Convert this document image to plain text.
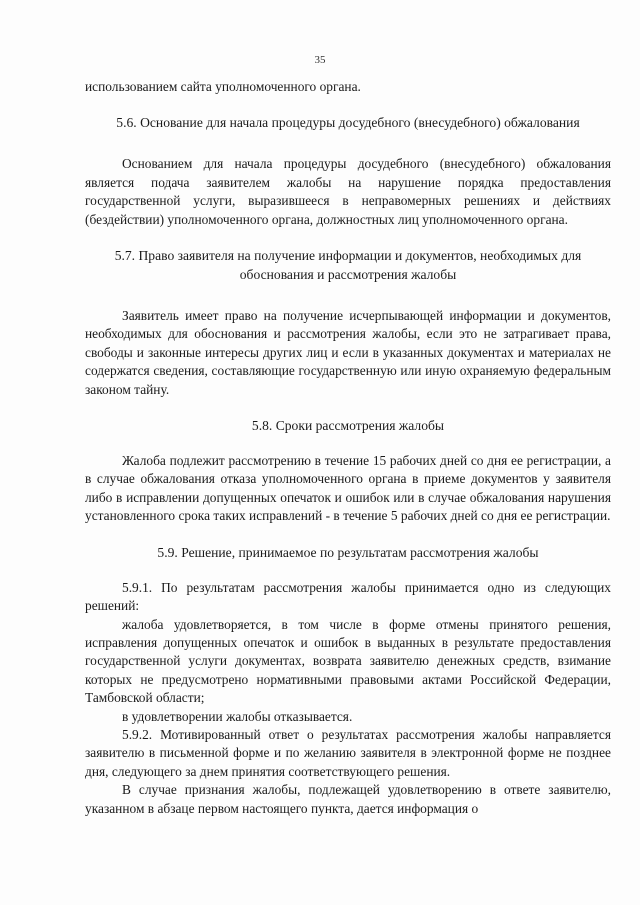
35

использованием сайта уполномоченного органа.

5.6. Основание для начала процедуры досудебного (внесудебного) обжалования

Основанием для начала процедуры досудебного (внесудебного) обжалования является подача заявителем жалобы на нарушение порядка предоставления государственной услуги, выразившееся в неправомерных решениях и действиях (бездействии) уполномоченного органа, должностных лиц уполномоченного органа.

5.7. Право заявителя на получение информации и документов, необходимых для обоснования и рассмотрения жалобы

Заявитель имеет право на получение исчерпывающей информации и документов, необходимых для обоснования и рассмотрения жалобы, если это не затрагивает права, свободы и законные интересы других лиц и если в указанных документах и материалах не содержатся сведения, составляющие государственную или иную охраняемую федеральным законом тайну.

5.8. Сроки рассмотрения жалобы

Жалоба подлежит рассмотрению в течение 15 рабочих дней со дня ее регистрации, а в случае обжалования отказа уполномоченного органа в приеме документов у заявителя либо в исправлении допущенных опечаток и ошибок или в случае обжалования нарушения установленного срока таких исправлений - в течение 5 рабочих дней со дня ее регистрации.

5.9. Решение, принимаемое по результатам рассмотрения жалобы

5.9.1. По результатам рассмотрения жалобы принимается одно из следующих решений:

жалоба удовлетворяется, в том числе в форме отмены принятого решения, исправления допущенных опечаток и ошибок в выданных в результате предоставления государственной услуги документах, возврата заявителю денежных средств, взимание которых не предусмотрено нормативными правовыми актами Российской Федерации, Тамбовской области;

в удовлетворении жалобы отказывается.

5.9.2. Мотивированный ответ о результатах рассмотрения жалобы направляется заявителю в письменной форме и по желанию заявителя в электронной форме не позднее дня, следующего за днем принятия соответствующего решения.

В случае признания жалобы, подлежащей удовлетворению в ответе заявителю, указанном в абзаце первом настоящего пункта, дается информация о
